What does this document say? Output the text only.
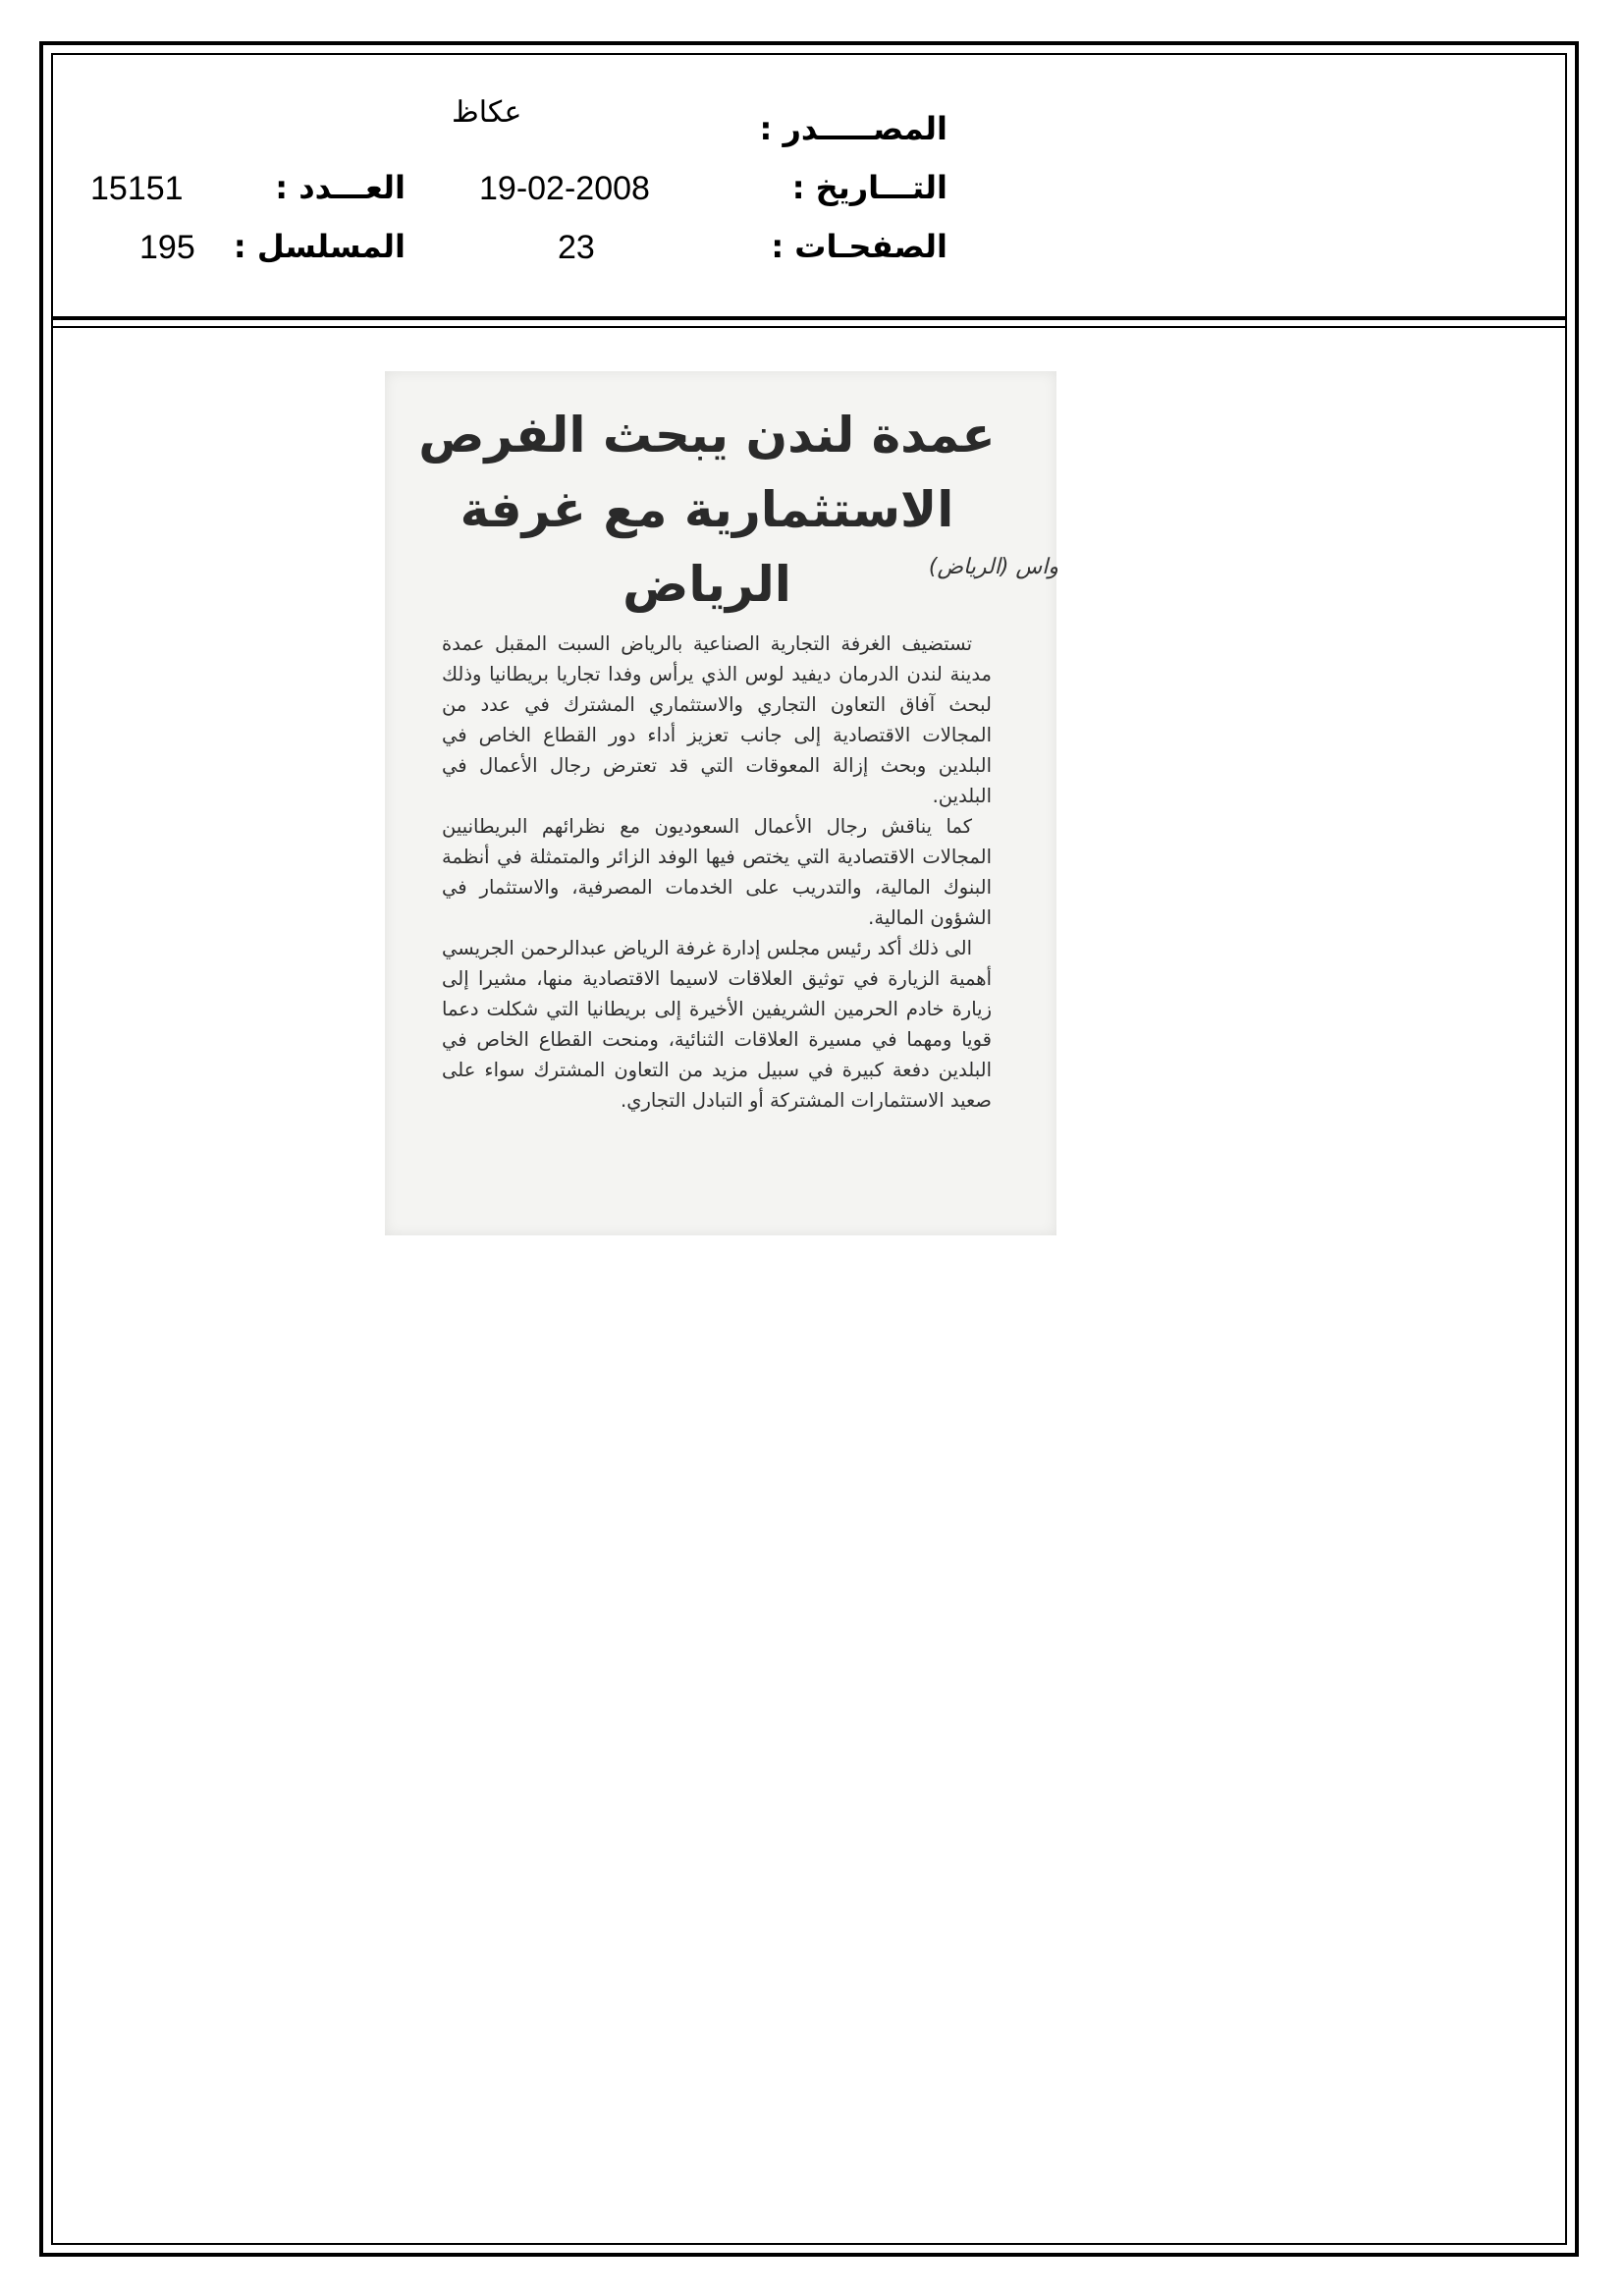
المصـــــدر :
عكاظ
التـــاريخ :
19-02-2008
الصفحـات :
23
العـــدد :
15151
المسلسل :
195
عمدة لندن يبحث الفرص
الاستثمارية مع غرفة الرياض	واس (الرياض)

تستضيف الغرفة التجارية الصناعية بالرياض السبت المقبل عمدة مدينة لندن الدرمان ديفيد لوس الذي يرأس وفدا تجاريا بريطانيا وذلك لبحث آفاق التعاون التجاري والاستثماري المشترك في عدد من المجالات الاقتصادية إلى جانب تعزيز أداء دور القطاع الخاص في البلدين وبحث إزالة المعوقات التي قد تعترض رجال الأعمال في البلدين.

كما يناقش رجال الأعمال السعوديون مع نظرائهم البريطانيين المجالات الاقتصادية التي يختص فيها الوفد الزائر والمتمثلة في أنظمة البنوك المالية، والتدريب على الخدمات المصرفية، والاستثمار في الشؤون المالية.

الى ذلك أكد رئيس مجلس إدارة غرفة الرياض عبدالرحمن الجريسي أهمية الزيارة في توثيق العلاقات لاسيما الاقتصادية منها، مشيرا إلى زيارة خادم الحرمين الشريفين الأخيرة إلى بريطانيا التي شكلت دعما قويا ومهما في مسيرة العلاقات الثنائية، ومنحت القطاع الخاص في البلدين دفعة كبيرة في سبيل مزيد من التعاون المشترك سواء على صعيد الاستثمارات المشتركة أو التبادل التجاري.
